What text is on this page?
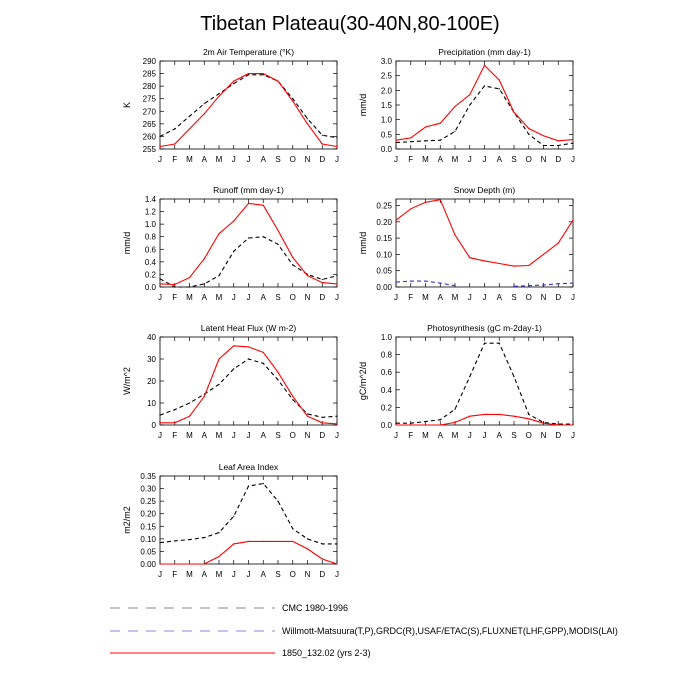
Tibetan Plateau(30-40N,80-100E)
2m Air Temperature (°K)
255
260
265
270
275
280
285
290
J F M A M J J A S O N D J
K
Precipitation (mm day-1)
0.0
0.5
1.0
1.5
2.0
2.5
3.0
J F M A M J J A S O N D J
mm/d
Runoff (mm day-1)
0.0
0.2
0.4
0.6
0.8
1.0
1.2
1.4
J F M A M J J A S O N D J
mm/d
Snow Depth (m)
0.00
0.05
0.10
0.15
0.20
0.25
J F M A M J J A S O N D J
mm/d
Latent Heat Flux (W m-2)
0
10
20
30
40
J F M A M J J A S O N D J
W/m^2
Photosynthesis (gC m-2day-1)
0.0
0.2
0.4
0.6
0.8
1.0
J F M A M J J A S O N D J
gC/m^2/d
Leaf Area Index
0.00
0.05
0.10
0.15
0.20
0.25
0.30
0.35
J F M A M J J A S O N D J
m2/m2
CMC 1980-1996
Willmott-Matsuura(T,P),GRDC(R),USAF/ETAC(S),FLUXNET(LHF,GPP),MODIS(LAI)
1850_132.02 (yrs 2-3)
